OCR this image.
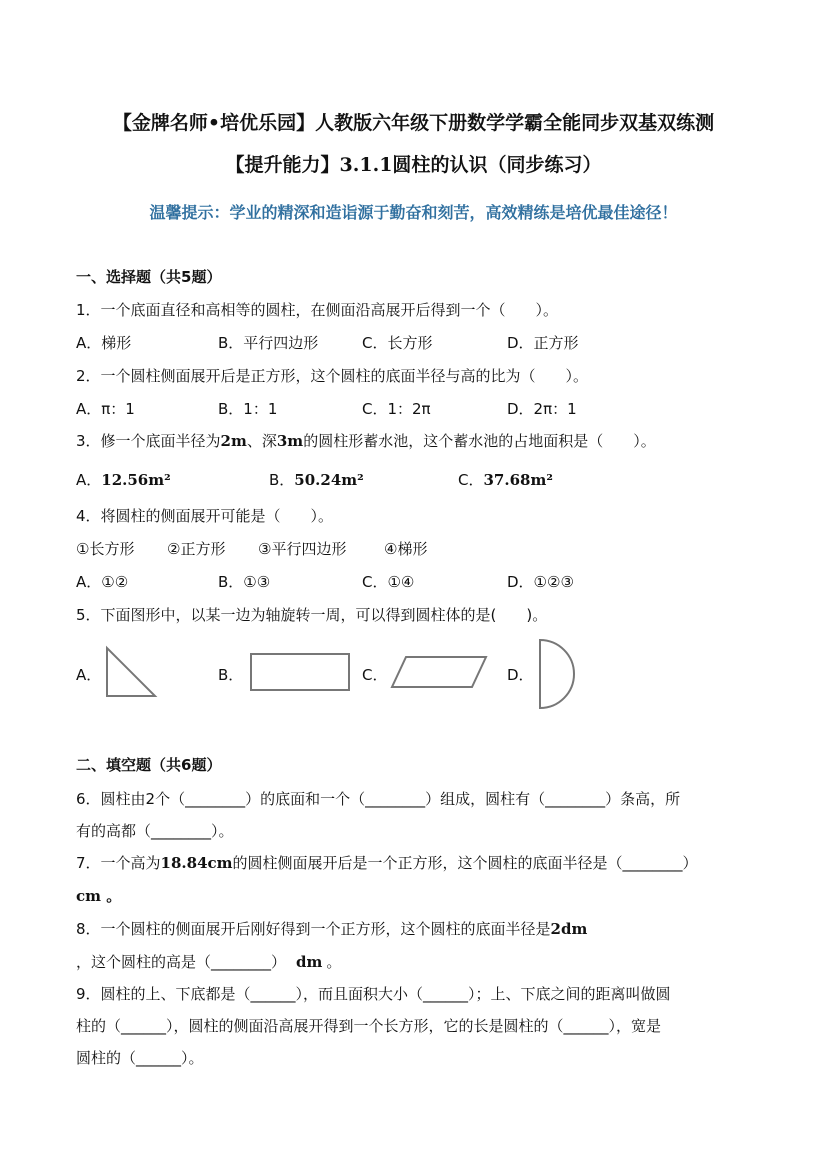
【金牌名师•培优乐园】人教版六年级下册数学学霸全能同步双基双练测
【提升能力】3.1.1圆柱的认识（同步练习）
温馨提示：学业的精深和造诣源于勤奋和刻苦，高效精练是培优最佳途径！
一、选择题（共5题）
1．一个底面直径和高相等的圆柱，在侧面沿高展开后得到一个（　　）。
A．梯形	B．平行四边形	C．长方形	D．正方形
2．一个圆柱侧面展开后是正方形，这个圆柱的底面半径与高的比为（　　）。
A．π：1	B．1：1	C．1：2π	D．2π：1
3．修一个底面半径为2m、深3m的圆柱形蓄水池，这个蓄水池的占地面积是（　　）。
A．12.56m²	B．50.24m²	C．37.68m²
4．将圆柱的侧面展开可能是（　　）。
①长方形 ②正方形 ③平行四边形	④梯形
A．①②	B．①③	C．①④	D．①②③
5．下面图形中，以某一边为轴旋转一周，可以得到圆柱体的是(　　)。
A．	B．	C．	D．
二、填空题（共6题）
6．圆柱由2个（________）的底面和一个（________）组成，圆柱有（________）条高，所
有的高都（________）。
7．一个高为18.84cm的圆柱侧面展开后是一个正方形，这个圆柱的底面半径是（________）
cm 。
8．一个圆柱的侧面展开后刚好得到一个正方形，这个圆柱的底面半径是2dm
，这个圆柱的高是（________） dm 。
9．圆柱的上、下底都是（______），而且面积大小（______）；上、下底之间的距离叫做圆
柱的（______），圆柱的侧面沿高展开得到一个长方形，它的长是圆柱的（______），宽是
圆柱的（______）。
